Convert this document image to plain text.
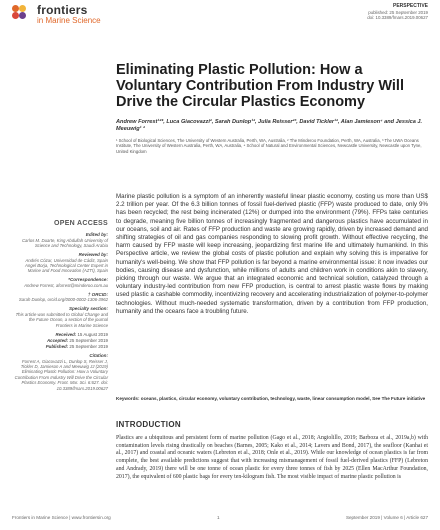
frontiers
in Marine Science
PERSPECTIVE
published: 25 September 2019
doi: 10.3389/fmars.2019.00627
Eliminating Plastic Pollution: How a Voluntary Contribution From Industry Will Drive the Circular Plastics Economy
Andrew Forrest¹²*, Luca Giacovazzi², Sarah Dunlop¹², Julia Reisser²³, David Tickler¹², Alan Jamieson⁴ and Jessica J. Meeuwig¹ ²
¹ School of Biological Sciences, The University of Western Australia, Perth, WA, Australia, ² The Minderoo Foundation, Perth, WA, Australia, ³ The UWA Oceans Institute, The University of Western Australia, Perth, WA, Australia, ⁴ School of Natural and Environmental Sciences, Newcastle University, Newcastle upon Tyne, United Kingdom
OPEN ACCESS
Edited by:
Carlos M. Duarte, King Abdullah University of Science and Technology, Saudi Arabia
Reviewed by:
Andrés Cózar, Universidad de Cádiz, Spain
Angel Borja, Technological Center Expert in Marine and Food Innovation (AZTI), Spain
*Correspondence:
Andrew Forrest, aforrest@minderoo.com.au
† ORCID:
Sarah Dunlop, orcid.org/0000-0002-1306-3962
Specialty section:
This article was submitted to Global Change and the Future Ocean, a section of the journal Frontiers in Marine Science
Received: 15 August 2019
Accepted: 25 September 2019
Published: 25 September 2019
Citation:
Forrest A, Giacovazzi L, Dunlop S, Reisser J, Tickler D, Jamieson A and Meeuwig JJ (2019) Eliminating Plastic Pollution: How a Voluntary Contribution From Industry Will Drive the Circular Plastics Economy. Front. Mar. Sci. 6:627. doi: 10.3389/fmars.2019.00627

Marine plastic pollution is a symptom of an inherently wasteful linear plastic economy, costing us more than US$ 2.2 trillion per year. Of the 6.3 billion tonnes of fossil fuel-derived plastic (FFP) waste produced to date, only 9% has been recycled; the rest being incinerated (12%) or dumped into the environment (79%). FFPs take centuries to degrade, meaning five billion tonnes of increasingly fragmented and dangerous plastics have accumulated in our oceans, soil and air. Rates of FFP production and waste are growing rapidly, driven by increased demand and shifting strategies of oil and gas companies responding to slowing profit growth. Without effective recycling, the harm caused by FFP waste will keep increasing, jeopardizing first marine life and ultimately humankind. In this Perspective article, we review the global costs of plastic pollution and explain why solving this is imperative for humanity's well-being. We show that FFP pollution is far beyond a marine environmental issue: it now invades our bodies, causing disease and dysfunction, while millions of adults and children work in conditions akin to slavery, picking through our waste. We argue that an integrated economic and technical solution, catalyzed through a voluntary industry-led contribution from new FFP production, is central to arrest plastic waste flows by making used plastic a cashable commodity, incentivizing recovery and accelerating industrialization of polymer-to-polymer technologies. Without much-needed systematic transformation, driven by a contribution from FFP production, humanity and the oceans face a troubling future.

Keywords: oceans, plastics, circular economy, voluntary contribution, technology, waste, linear consumption model, See The Future initiative
INTRODUCTION

Plastics are a ubiquitous and persistent form of marine pollution (Gago et al., 2018; Angiolillo, 2019; Barboza et al., 2019a,b) with contamination levels rising drastically on beaches (Barnes, 2005; Kako et al., 2014; Lavers and Bond, 2017), the seafloor (Kanhai et al., 2017) and coastal and oceanic waters (Lebreton et al., 2018; Onle et al., 2019). While our knowledge of ocean plastics is far from complete, the best available predictions suggest that with increasing mismanagement of fossil fuel-derived plastics (FFP) (Lebreton and Andrady, 2019) there will be one tonne of ocean plastic for every three tonnes of fish by 2025 (Ellen MacArthur Foundation, 2017), the equivalent of 600 plastic bags for every ten-kilogram fish. The most visible impact of marine plastic pollution is

Frontiers in Marine Science | www.frontiersin.org	1	September 2019 | Volume 6 | Article 627
